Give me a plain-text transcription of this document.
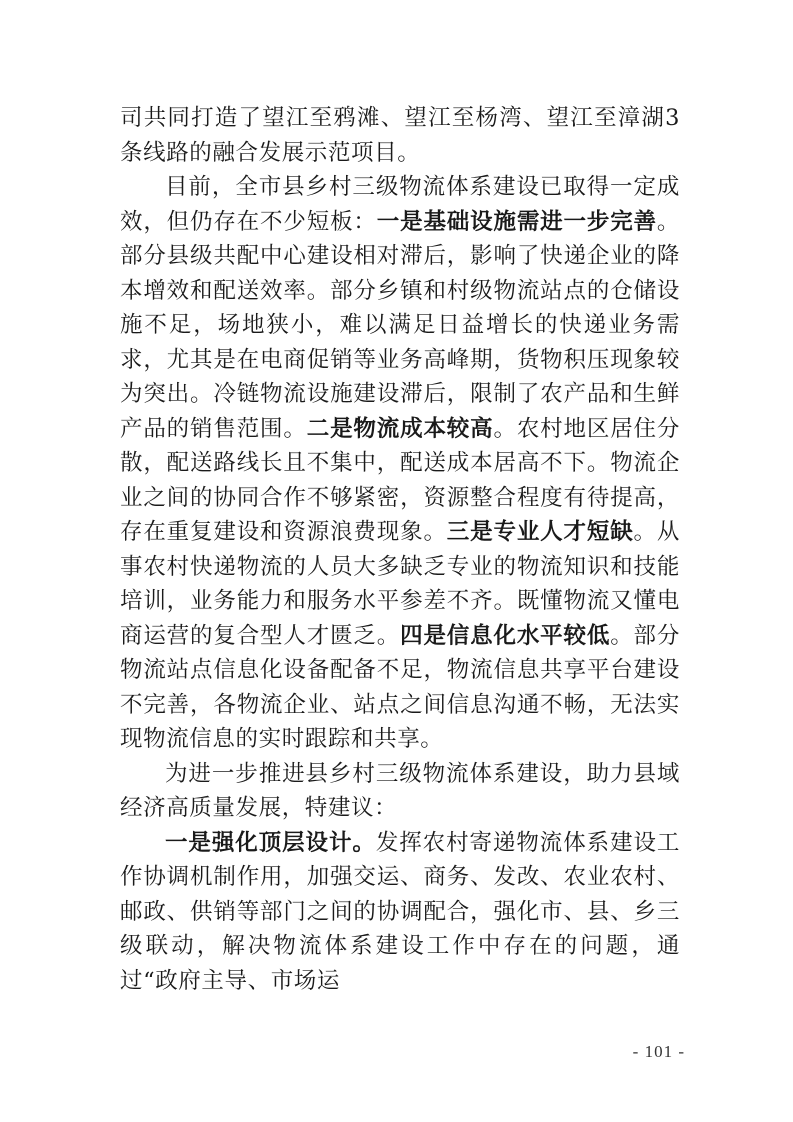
司共同打造了望江至鸦滩、望江至杨湾、望江至漳湖3条线路的融合发展示范项目。

目前，全市县乡村三级物流体系建设已取得一定成效，但仍存在不少短板：一是基础设施需进一步完善。部分县级共配中心建设相对滞后，影响了快递企业的降本增效和配送效率。部分乡镇和村级物流站点的仓储设施不足，场地狭小，难以满足日益增长的快递业务需求，尤其是在电商促销等业务高峰期，货物积压现象较为突出。冷链物流设施建设滞后，限制了农产品和生鲜产品的销售范围。二是物流成本较高。农村地区居住分散，配送路线长且不集中，配送成本居高不下。物流企业之间的协同合作不够紧密，资源整合程度有待提高，存在重复建设和资源浪费现象。三是专业人才短缺。从事农村快递物流的人员大多缺乏专业的物流知识和技能培训，业务能力和服务水平参差不齐。既懂物流又懂电商运营的复合型人才匮乏。四是信息化水平较低。部分物流站点信息化设备配备不足，物流信息共享平台建设不完善，各物流企业、站点之间信息沟通不畅，无法实现物流信息的实时跟踪和共享。

为进一步推进县乡村三级物流体系建设，助力县域经济高质量发展，特建议：

一是强化顶层设计。发挥农村寄递物流体系建设工作协调机制作用，加强交运、商务、发改、农业农村、邮政、供销等部门之间的协调配合，强化市、县、乡三级联动，解决物流体系建设工作中存在的问题，通过“政府主导、市场运

- 101 -
